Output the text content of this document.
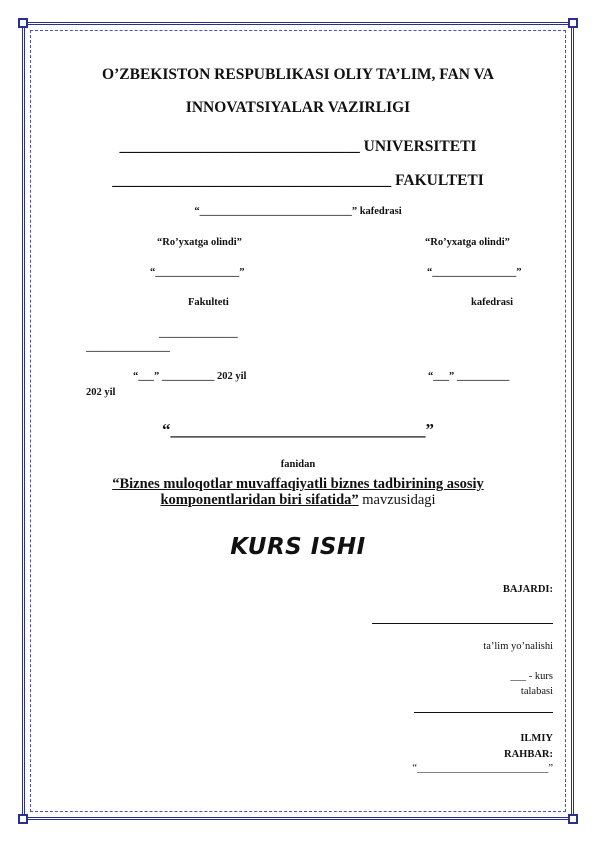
O’ZBEKISTON RESPUBLIKASI OLIY TA’LIM, FAN VA
INNOVATSIYALAR VAZIRLIGI
_______________________________ UNIVERSITETI
____________________________________ FAKULTETI
“_____________________________” kafedrasi
“Ro’yxatga olindi”	“Ro’yxatga olindi”
“________________”	“________________”
Fakulteti	kafedrasi
_______________
________________
“___” __________ 202 yil	“___” __________
202 yil
“______________________________”
fanidan
“Biznes muloqotlar muvaffaqiyatli biznes tadbirining asosiy
komponentlaridan biri sifatida” mavzusidagi
KURS ISHI
BAJARDI:
ta’lim yo’nalishi
___ - kurs
talabasi
ILMIY
RAHBAR:
“_________________________”
